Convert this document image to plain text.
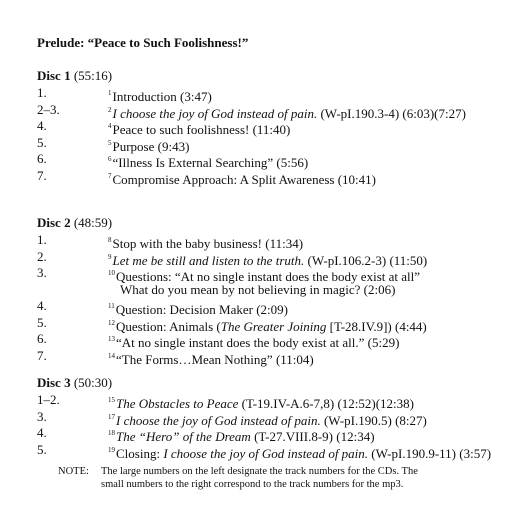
Prelude: “Peace to Such Foolishness!”
Disc 1 (55:16)
1.	$^1$Introduction (3:47)
2–3.	$^2$I choose the joy of God instead of pain. (W-pI.190.3-4) (6:03)(7:27)
4.	$^4$Peace to such foolishness! (11:40)
5.	$^5$Purpose (9:43)
6.	$^6$“Illness Is External Searching” (5:56)
7.	$^7$Compromise Approach: A Split Awareness (10:41)
Disc 2 (48:59)
1.	$^8$Stop with the baby business! (11:34)
2.	$^9$Let me be still and listen to the truth. (W-pI.106.2-3) (11:50)
3.	$^{10}$Questions: “At no single instant does the body exist at all”
What do you mean by not believing in magic? (2:06)
4.	$^{11}$Question: Decision Maker (2:09)
5.	$^{12}$Question: Animals (The Greater Joining [T-28.IV.9]) (4:44)
6.	$^{13}$“At no single instant does the body exist at all.” (5:29)
7.	$^{14}$“The Forms…Mean Nothing” (11:04)
Disc 3 (50:30)
1–2.	$^{15}$The Obstacles to Peace (T-19.IV-A.6-7,8) (12:52)(12:38)
3.	$^{17}$I choose the joy of God instead of pain. (W-pI.190.5) (8:27)
4.	$^{18}$The “Hero” of the Dream (T-27.VIII.8-9) (12:34)
5.	$^{19}$Closing: I choose the joy of God instead of pain. (W-pI.190.9-11) (3:57)
NOTE: The large numbers on the left designate the track numbers for the CDs. The
small numbers to the right correspond to the track numbers for the mp3.
